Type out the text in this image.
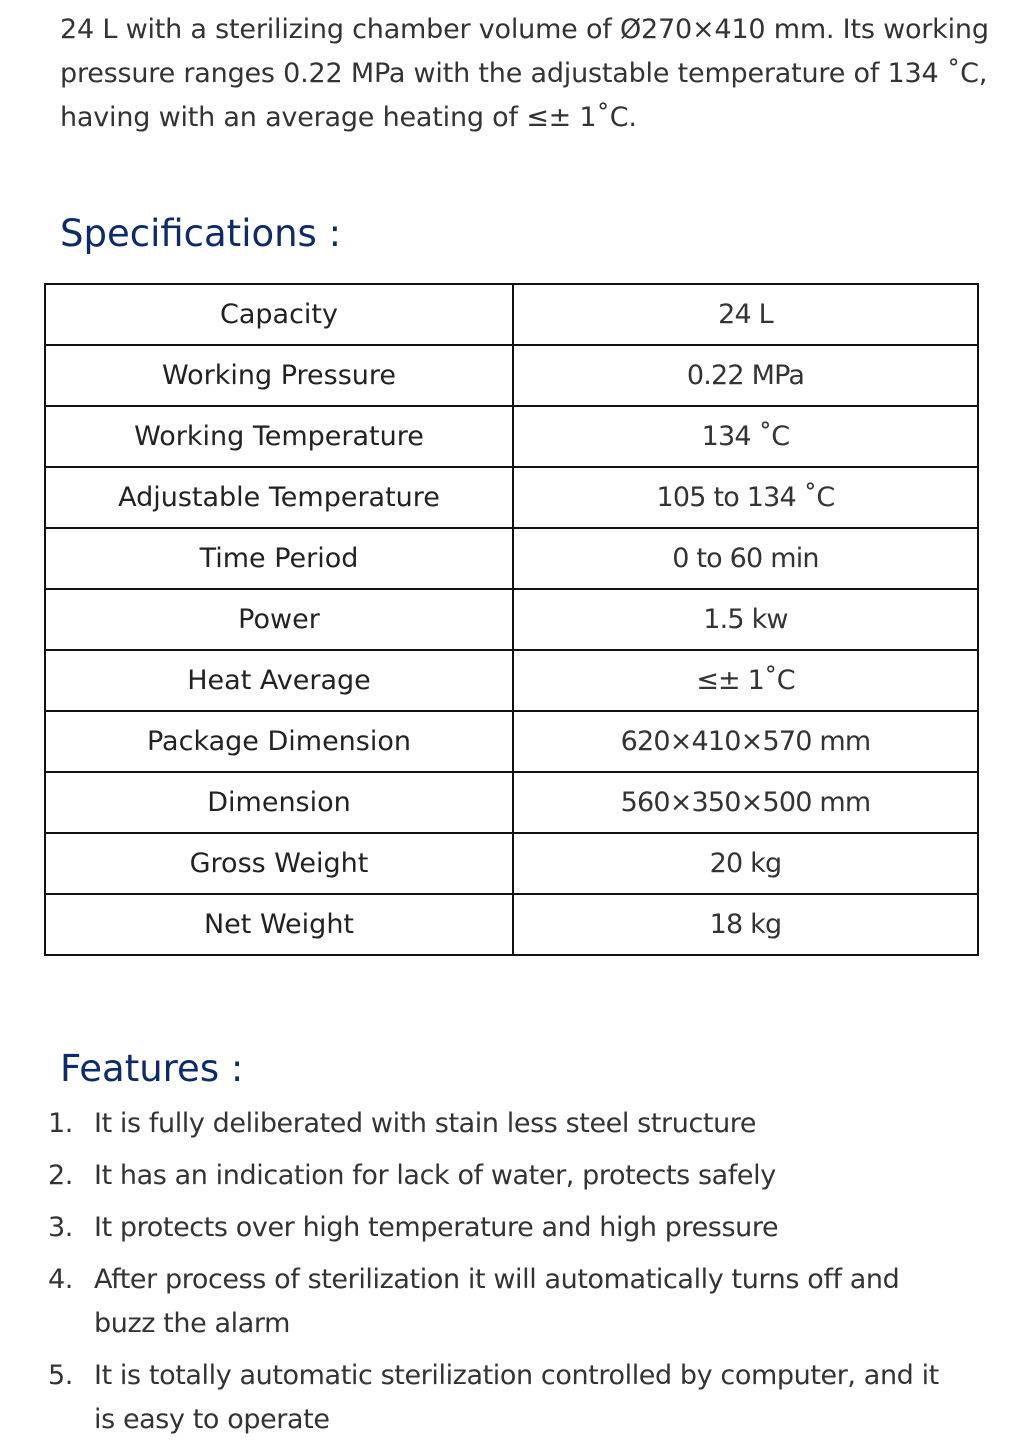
24 L with a sterilizing chamber volume of Ø270×410 mm. Its working
pressure ranges 0.22 MPa with the adjustable temperature of 134 ˚C,
having with an average heating of ≤± 1˚C.
Specifications :
Capacity	24 L
Working Pressure	0.22 MPa
Working Temperature	134 ˚C
Adjustable Temperature	105 to 134 ˚C
Time Period	0 to 60 min
Power	1.5 kw
Heat Average	≤± 1˚C
Package Dimension	620×410×570 mm
Dimension	560×350×500 mm
Gross Weight	20 kg
Net Weight	18 kg
Features :
1. It is fully deliberated with stain less steel structure
2. It has an indication for lack of water, protects safely
3. It protects over high temperature and high pressure
4. After process of sterilization it will automatically turns off and buzz the alarm
5. It is totally automatic sterilization controlled by computer, and it is easy to operate
